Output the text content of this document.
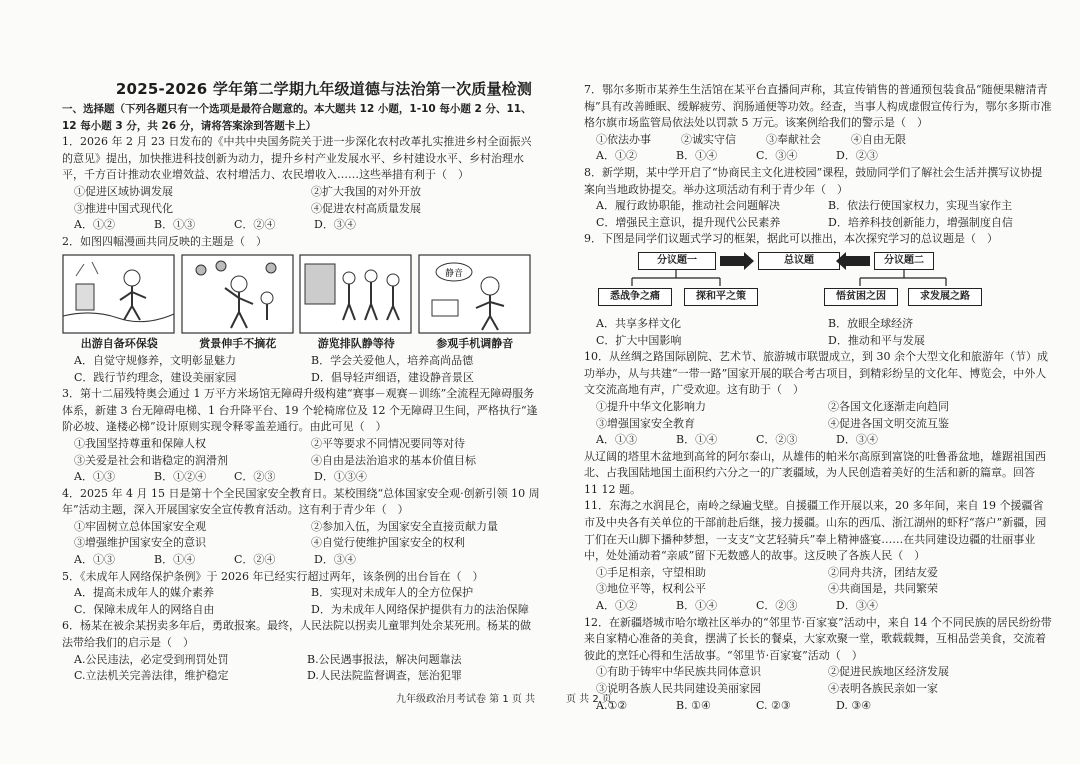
2025-2026 学年第二学期九年级道德与法治第一次质量检测

一、选择题（下列各题只有一个选项是最符合题意的。本大题共 12 小题，1-10 每小题 2 分、11、

12 每小题 3 分，共 26 分，请将答案涂到答题卡上）

1．2026 年 2 月 23 日发布的《中共中央国务院关于进一步深化农村改革扎实推进乡村全面振兴的意见》提出，加快推进科技创新为动力，提升乡村产业发展水平、乡村建设水平、乡村治理水平，千方百计推动农业增效益、农村增活力、农民增收入……这些举措有利于（　）

①促进区域协调发展	②扩大我国的对外开放
③推进中国式现代化	④促进农村高质量发展
A．①②	B．①③	C．②④	D．③④

2．如图四幅漫画共同反映的主题是（　）

出游自备环保袋	赏景伸手不摘花	游览排队静等待
静音
参观手机调静音
A．自觉守规修养，文明彰显魅力	B．学会关爱他人，培养高尚品德
C．践行节约理念，建设美丽家园	D．倡导轻声细语，建设静音景区

3．第十二届残特奥会通过 1 万平方米场馆无障碍升级构建“赛事－观赛－训练”全流程无障碍服务体系，新建 3 台无障碍电梯、1 台升降平台、19 个轮椅席位及 12 个无障碍卫生间，严格执行“逢阶必坡、逢楼必梯”设计原则实现令释零盖差通行。由此可见（　）

①我国坚持尊重和保障人权	②平等要求不同情况要同等对待
③关爱是社会和谐稳定的润滑剂	④自由是法治追求的基本价值目标
A．①③	B．①②④	C．②③	D．①③④

4．2025 年 4 月 15 日是第十个全民国家安全教育日。某校围绕“总体国家安全观·创新引领 10 周年”活动主题，深入开展国家安全宣传教育活动。这有利于青少年（　）

①牢固树立总体国家安全观	②参加入伍，为国家安全直接贡献力量
③增强维护国家安全的意识	④自觉行使维护国家安全的权利
A．①③	B．①④	C．②④	D．③④

5．《未成年人网络保护条例》于 2026 年已经实行超过两年，该条例的出台旨在（　）

A．提高未成年人的媒介素养	B．实现对未成年人的全方位保护
C．保障未成年人的网络自由	D．为未成年人网络保护提供有力的法治保障

6．杨某在被余某拐卖多年后，勇敢报案。最终，人民法院以拐卖儿童罪判处余某死刑。杨某的做法带给我们的启示是（　）

A.公民违法，必定受到刑罚处罚	B.公民遇事报法，解决问题靠法
C.立法机关完善法律，维护稳定	D.人民法院监督调查，惩治犯罪

7．鄂尔多斯市某养生生活馆在某平台直播间声称，其宣传销售的普通预包装食品“随便果糖清青梅”具有改善睡眠、缓解疲劳、润肠通便等功效。经查，当事人构成虚假宣传行为，鄂尔多斯市准格尔旗市场监管局依法处以罚款 5 万元。该案例给我们的警示是（　）

①依法办事	②诚实守信	③奉献社会	④自由无限
A．①②	B．①④	C．③④	D．②③

8．新学期，某中学开启了“协商民主文化进校园”课程，鼓励同学们了解社会生活并撰写议协提案向当地政协提交。举办这项活动有利于青少年（　）

A．履行政协职能，推动社会问题解决	B．依法行使国家权力，实现当家作主
C．增强民主意识，提升现代公民素养	D．培养科技创新能力，增强制度自信

9．下图是同学们议题式学习的框架，据此可以推出，本次探究学习的总议题是（　）

分议题一	总议题	分议题二
悉战争之痛	探和平之策	悟贫困之因	求发展之路
A．共享多样文化	B．放眼全球经济
C．扩大中国影响	D．推动和平与发展

10．从丝绸之路国际剧院、艺术节、旅游城市联盟成立，到 30 余个大型文化和旅游年（节）成功举办，从与共建“一带一路”国家开展的联合考古项目，到精彩纷呈的文化年、博览会，中外人文交流高地有声，广受欢迎。这有助于（　）

①提升中华文化影响力	②各国文化逐渐走向趋同
③增强国家安全教育	④促进各国文明交流互鉴
A．①③	B．①④	C．②③	D．③④

从辽阔的塔里木盆地到高耸的阿尔泰山，从雄伟的帕米尔高原到富饶的吐鲁番盆地，雄踞祖国西北、占我国陆地国土面积约六分之一的广袤疆域，为人民创造着美好的生活和新的篇章。回答 11 12 题。

11．东海之水润昆仑，南岭之绿遍戈壁。自援疆工作开展以来，20 多年间，来自 19 个援疆省市及中央各有关单位的干部前赴后继，接力援疆。山东的西瓜、浙江湖州的虾籽“落户”新疆，园丁们在天山脚下播种梦想，一支支“文艺轻骑兵”奉上精神盛宴……在共同建设边疆的壮丽事业中，处处涌动着“亲戚”留下无数感人的故事。这反映了各族人民（　）

①手足相亲，守望相助	②同舟共济，团结友爱
③地位平等，权利公平	④共商国是，共同繁荣
A．①②	B．①④	C．②③	D．③④

12．在新疆塔城市哈尔墩社区举办的“邻里节·百家宴”活动中，来自 14 个不同民族的居民纷纷带来自家精心准备的美食，摆满了长长的餐桌，大家欢聚一堂，歌载载舞，互相品尝美食，交流着彼此的烹饪心得和生活故事。“邻里节·百家宴”活动（　）

①有助于铸牢中华民族共同体意识	②促进民族地区经济发展
③说明各族人民共同建设美丽家园	④表明各族民亲如一家
A.①②	B. ①④	C. ②③	D. ③④
九年级政治月考试卷 第 1 页 共	页 共 2 页
